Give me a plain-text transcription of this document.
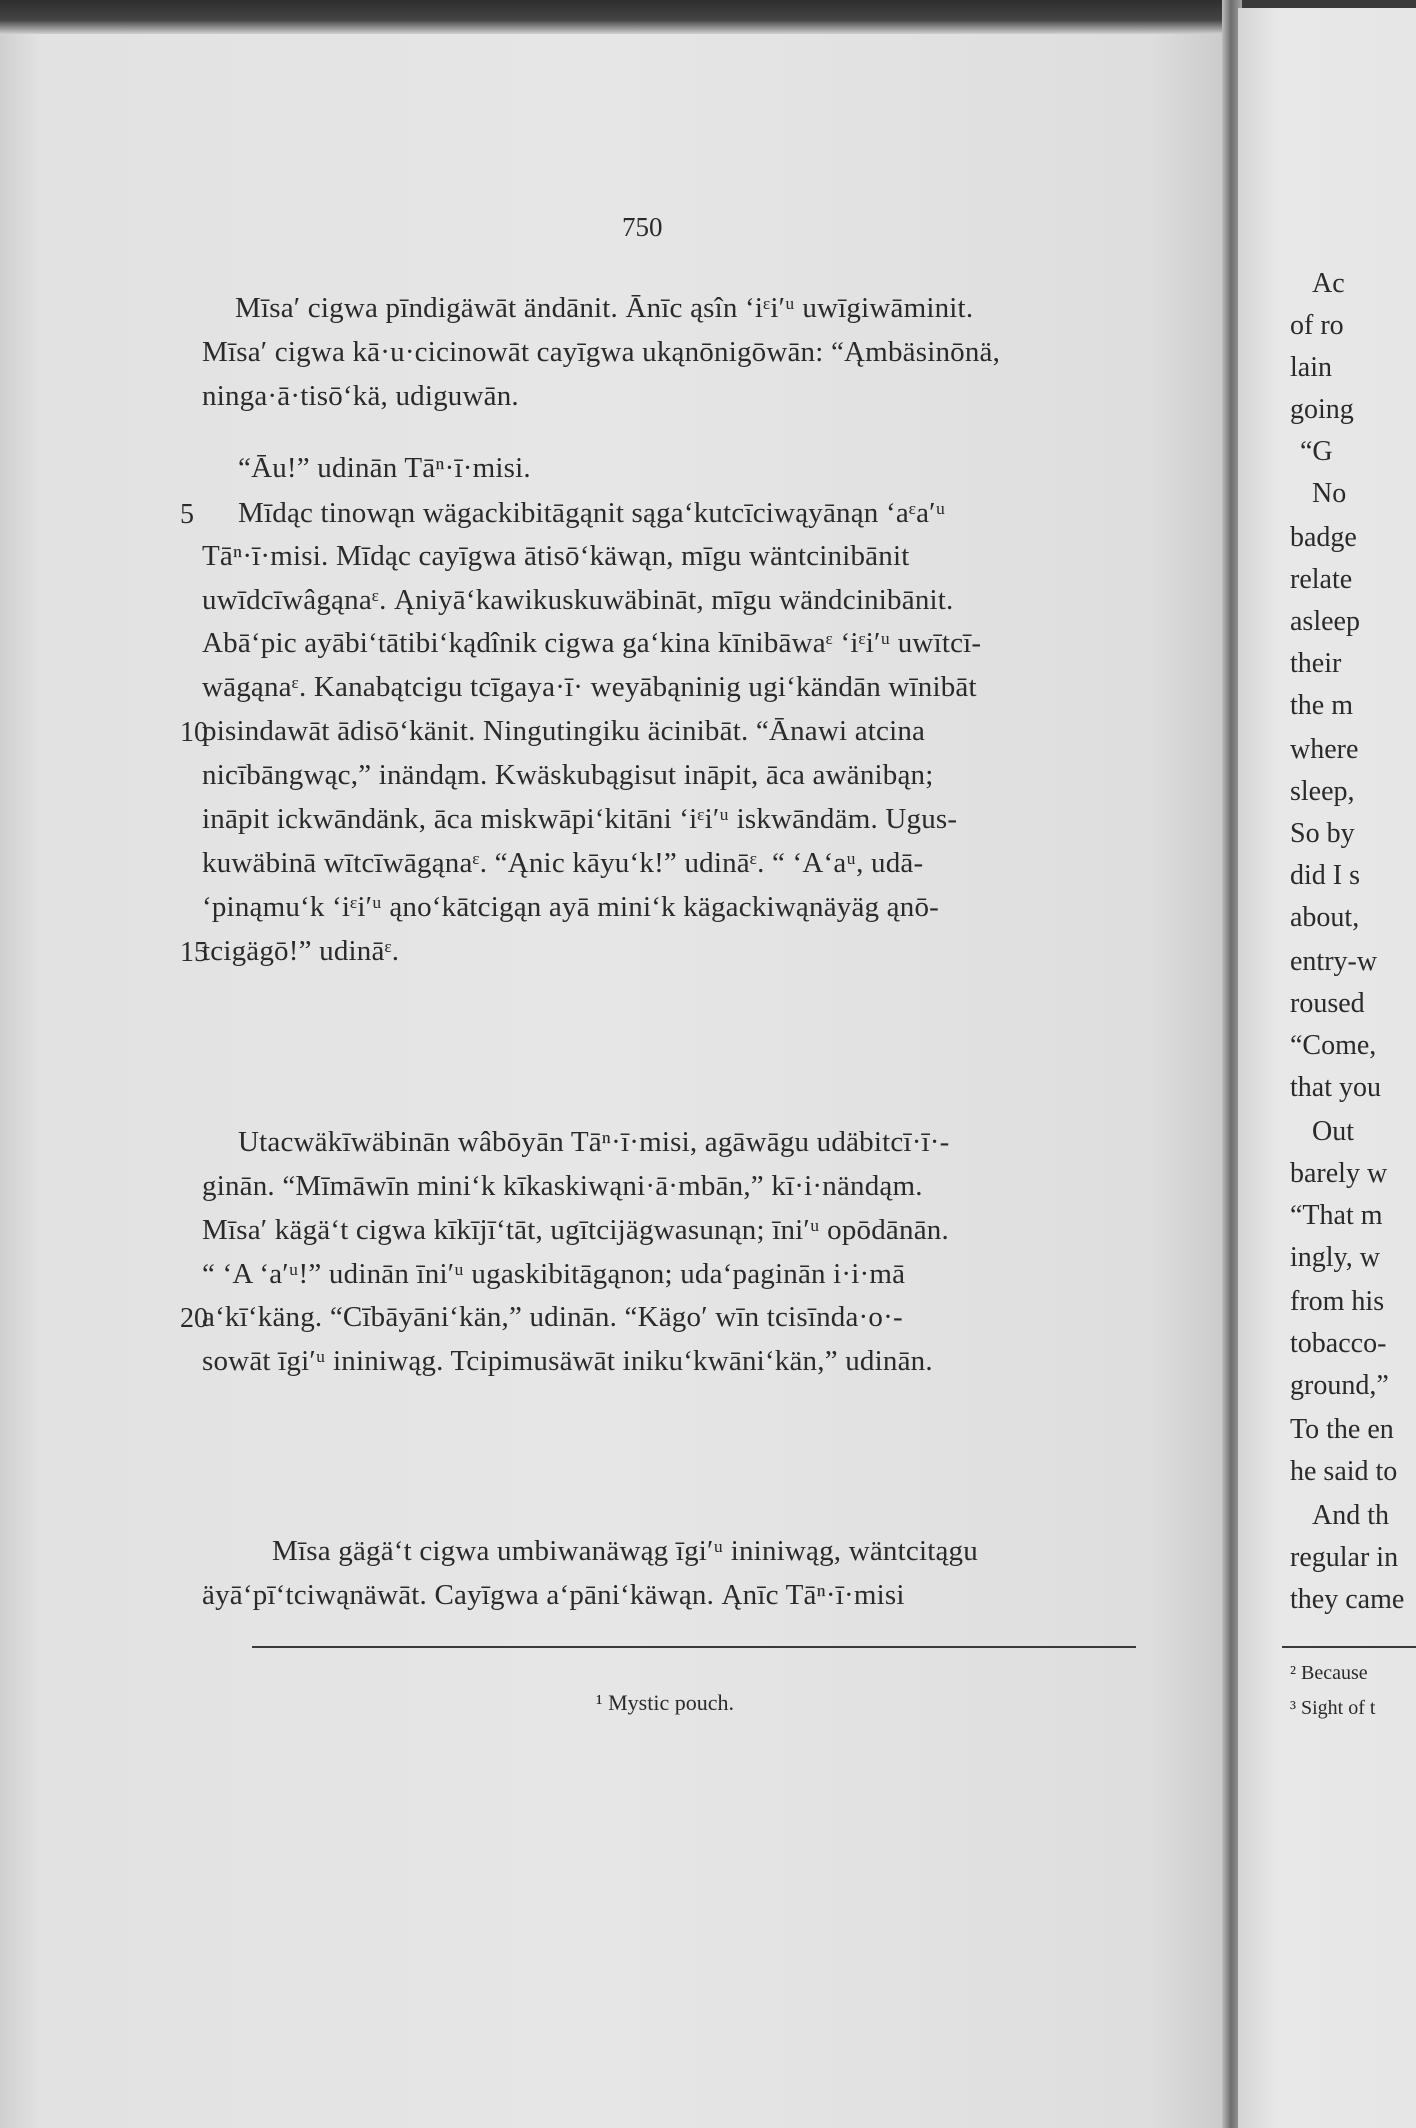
750
Mīsa′ cigwa pīndigäwāt ändānit. Ānīc ąsîn ‘iᵋi′ᵘ uwīgiwāminit.
Mīsa′ cigwa kā·u·cicinowāt cayīgwa ukąnōnigōwān: “Ąmbäsinōnä,
ninga·ā·tisō‘kä, udiguwān.
“Āu!” udinān Tāⁿ·ī·misi.
Mīdąc tinowąn wägackibitāgąnit sąga‘kutcīciwąyānąn ‘aᵋa′ᵘ
5
Tāⁿ·ī·misi. Mīdąc cayīgwa ātisō‘käwąn, mīgu wäntcinibānit
uwīdcīwâgąnaᵋ. Ąniyā‘kawikuskuwäbināt, mīgu wändcinibānit.
Abā‘pic ayābi‘tātibi‘kądînik cigwa ga‘kina kīnibāwaᵋ ‘iᵋi′ᵘ uwītcī-
wāgąnaᵋ. Kanabątcigu tcīgaya·ī· weyābąninig ugi‘kändān wīnibāt
pisindawāt ādisō‘känit. Ningutingiku äcinibāt. “Ānawi atcina
10
nicībāngwąc,” inändąm. Kwäskubągisut ināpit, āca awänibąn;
ināpit ickwāndänk, āca miskwāpi‘kitāni ‘iᵋi′ᵘ iskwāndäm. Ugus-
kuwäbinā wītcīwāgąnaᵋ. “Ąnic kāyu‘k!” udināᵋ. “ ‘A‘aᵘ, udā-
‘pinąmu‘k ‘iᵋi′ᵘ ąno‘kātcigąn ayā mini‘k kägackiwąnäyäg ąnō-
tcigägō!” udināᵋ.
15
Utacwäkīwäbinān wâbōyān Tāⁿ·ī·misi, agāwāgu udäbitcī·ī·-
ginān. “Mīmāwīn mini‘k kīkaskiwąni·ā·mbān,” kī·i·nändąm.
Mīsa′ kägä‘t cigwa kīkījī‘tāt, ugītcijägwasunąn; īni′ᵘ opōdānān.
“ ‘A ‘a′ᵘ!” udinān īni′ᵘ ugaskibitāgąnon; uda‘paginān i·i·mā
a‘kī‘käng. “Cībāyāni‘kän,” udinān. “Kägo′ wīn tcisīnda·o·-
20
sowāt īgi′ᵘ ininiwąg. Tcipimusäwāt iniku‘kwāni‘kän,” udinān.
Mīsa gägä‘t cigwa umbiwanäwąg īgi′ᵘ ininiwąg, wäntcitągu
äyā‘pī‘tciwąnäwāt. Cayīgwa a‘pāni‘käwąn. Ąnīc Tāⁿ·ī·misi
¹ Mystic pouch.
Ac
of ro
lain
going
“G
No
badge
relate
asleep
their
the m
where
sleep,
So by
did I s
about,
entry-w
roused
“Come,
that you
Out
barely w
“That m
ingly, w
from his
tobacco-
ground,”
To the en
he said to
And th
regular in
they came
² Because
³ Sight of t
